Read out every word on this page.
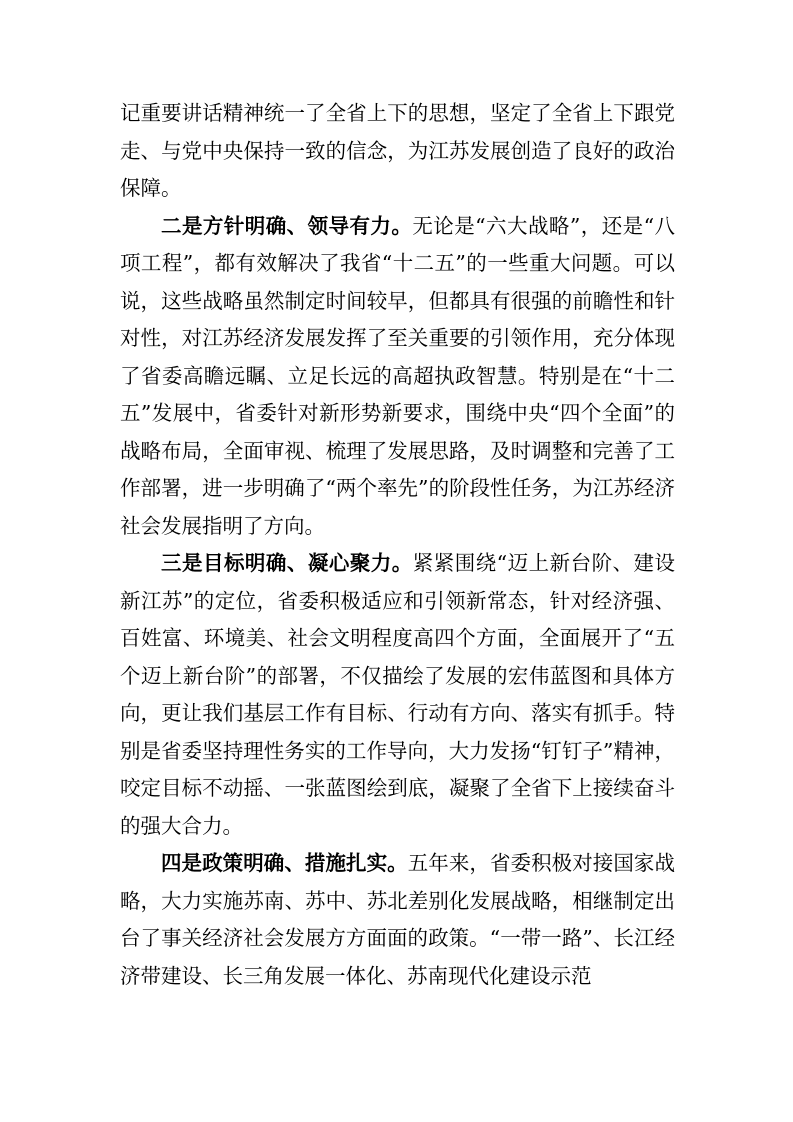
记重要讲话精神统一了全省上下的思想，坚定了全省上下跟党走、与党中央保持一致的信念，为江苏发展创造了良好的政治保障。

二是方针明确、领导有力。无论是“六大战略”，还是“八项工程”，都有效解决了我省“十二五”的一些重大问题。可以说，这些战略虽然制定时间较早，但都具有很强的前瞻性和针对性，对江苏经济发展发挥了至关重要的引领作用，充分体现了省委高瞻远瞩、立足长远的高超执政智慧。特别是在“十二五”发展中，省委针对新形势新要求，围绕中央“四个全面”的战略布局，全面审视、梳理了发展思路，及时调整和完善了工作部署，进一步明确了“两个率先”的阶段性任务，为江苏经济社会发展指明了方向。

三是目标明确、凝心聚力。紧紧围绕“迈上新台阶、建设新江苏”的定位，省委积极适应和引领新常态，针对经济强、百姓富、环境美、社会文明程度高四个方面，全面展开了“五个迈上新台阶”的部署，不仅描绘了发展的宏伟蓝图和具体方向，更让我们基层工作有目标、行动有方向、落实有抓手。特别是省委坚持理性务实的工作导向，大力发扬“钉钉子”精神，咬定目标不动摇、一张蓝图绘到底，凝聚了全省下上接续奋斗的强大合力。

四是政策明确、措施扎实。五年来，省委积极对接国家战略，大力实施苏南、苏中、苏北差别化发展战略，相继制定出台了事关经济社会发展方方面面的政策。“一带一路”、长江经济带建设、长三角发展一体化、苏南现代化建设示范
